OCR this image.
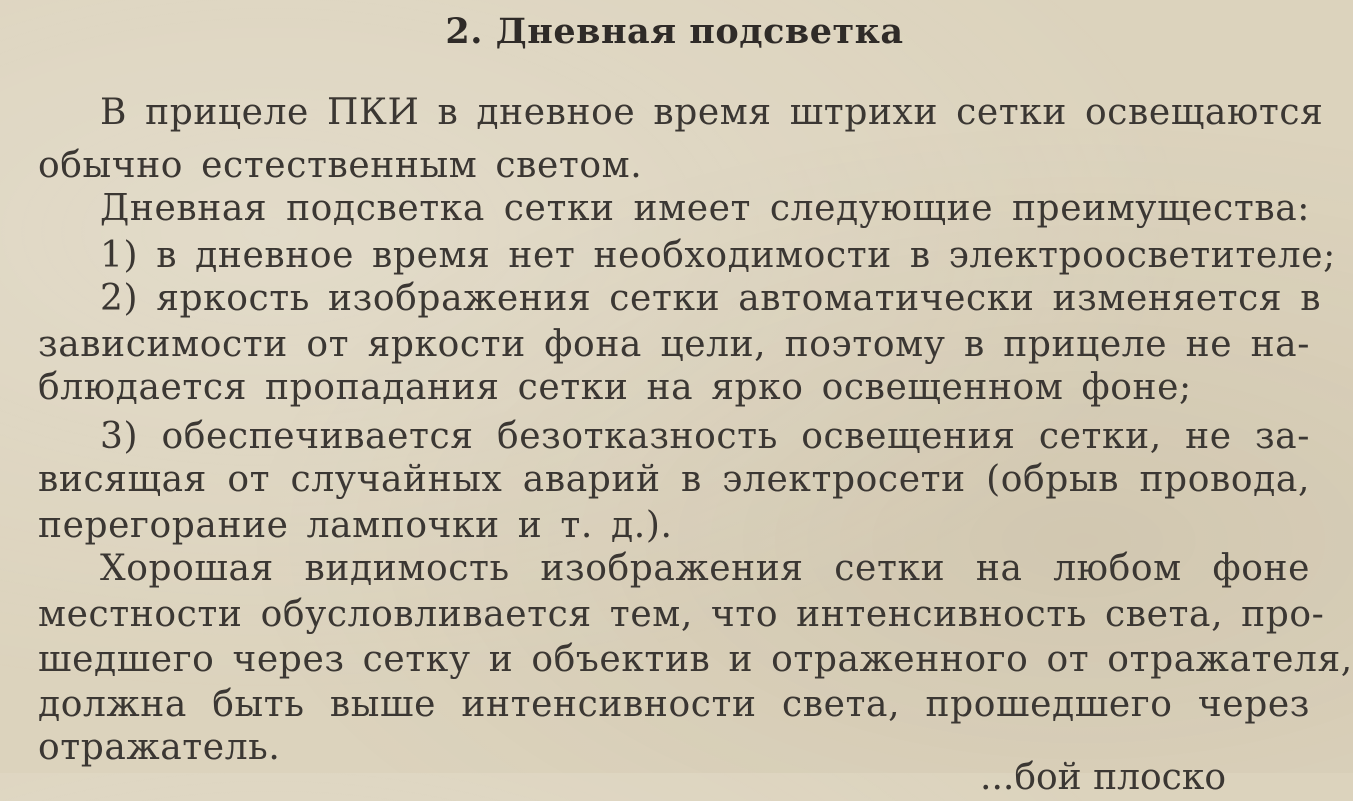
2. Дневная подсветка
В прицеле ПКИ в дневное время штрихи сетки освещаются
обычно естественным светом.
Дневная подсветка сетки имеет следующие преимущества:
1) в дневное время нет необходимости в электроосветителе;
2) яркость изображения сетки автоматически изменяется в
зависимости от яркости фона цели, поэтому в прицеле не на-
блюдается пропадания сетки на ярко освещенном фоне;
3) обеспечивается безотказность освещения сетки, не за-
висящая от случайных аварий в электросети (обрыв провода,
перегорание лампочки и т. д.).
Хорошая видимость изображения сетки на любом фоне
местности обусловливается тем, что интенсивность света, про-
шедшего через сетку и объектив и отраженного от отражателя,
должна быть выше интенсивности света, прошедшего через
отражатель.
...бой плоско
